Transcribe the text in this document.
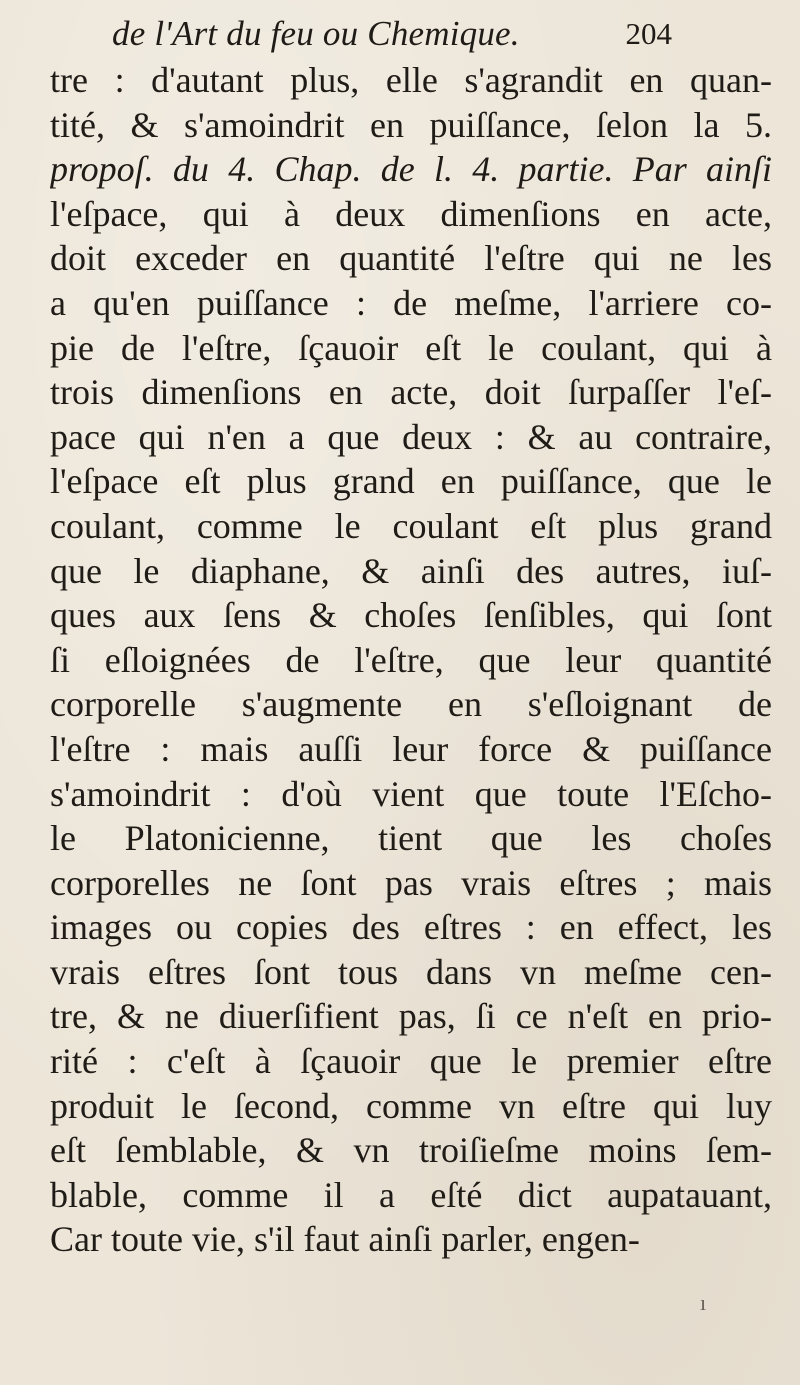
de l'Art du feu ou Chemique.	204
tre : d'autant plus, elle s'agrandit en quan-
tité, & s'amoindrit en puiſſance, ſelon la 5.
propoſ. du 4. Chap. de l. 4. partie. Par ainſi
l'eſpace, qui à deux dimenſions en acte,
doit exceder en quantité l'eſtre qui ne les
a qu'en puiſſance : de meſme, l'arriere co-
pie de l'eſtre, ſçauoir eſt le coulant, qui à
trois dimenſions en acte, doit ſurpaſſer l'eſ-
pace qui n'en a que deux : & au contraire,
l'eſpace eſt plus grand en puiſſance, que le
coulant, comme le coulant eſt plus grand
que le diaphane, & ainſi des autres, iuſ-
ques aux ſens & choſes ſenſibles, qui ſont
ſi eſloignées de l'eſtre, que leur quantité
corporelle s'augmente en s'eſloignant de
l'eſtre : mais auſſi leur force & puiſſance
s'amoindrit : d'où vient que toute l'Eſcho-
le Platonicienne, tient que les choſes
corporelles ne ſont pas vrais eſtres ; mais
images ou copies des eſtres : en effect, les
vrais eſtres ſont tous dans vn meſme cen-
tre, & ne diuerſifient pas, ſi ce n'eſt en prio-
rité : c'eſt à ſçauoir que le premier eſtre
produit le ſecond, comme vn eſtre qui luy
eſt ſemblable, & vn troiſieſme moins ſem-
blable, comme il a eſté dict aupatauant,
Car toute vie, s'il faut ainſi parler, engen-
ı
